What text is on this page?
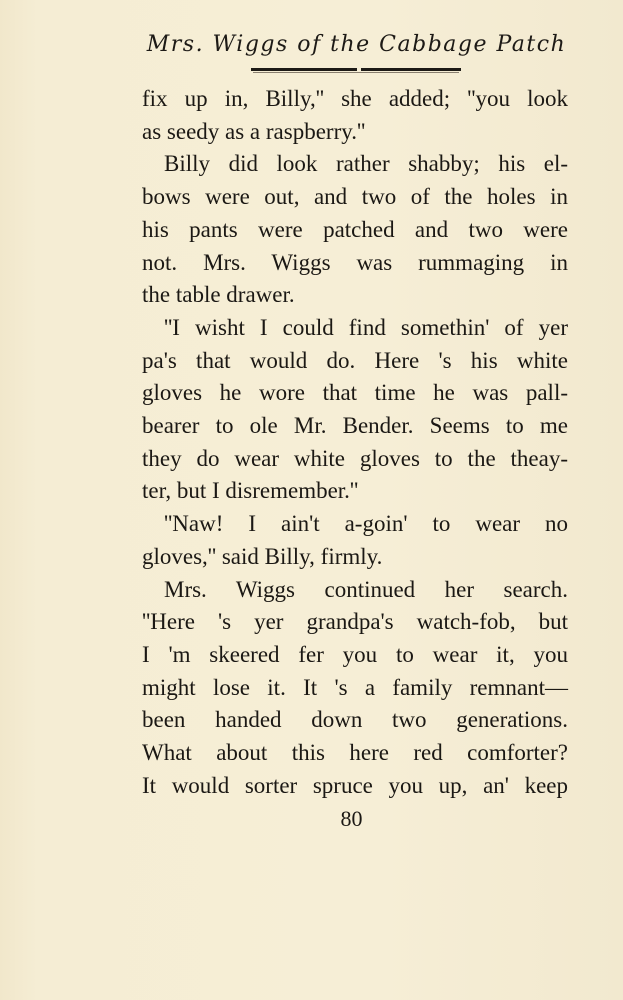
Mrs. Wiggs of the Cabbage Patch
fix up in, Billy,'' she added; ''you look
as seedy as a raspberry.''
Billy did look rather shabby; his el-
bows were out, and two of the holes in
his pants were patched and two were
not. Mrs. Wiggs was rummaging in
the table drawer.
''I wisht I could find somethin' of yer
pa's that would do. Here 's his white
gloves he wore that time he was pall-
bearer to ole Mr. Bender. Seems to me
they do wear white gloves to the theay-
ter, but I disremember.''
''Naw! I ain't a-goin' to wear no
gloves,'' said Billy, firmly.
Mrs. Wiggs continued her search.
''Here 's yer grandpa's watch-fob, but
I 'm skeered fer you to wear it, you
might lose it. It 's a family remnant—
been handed down two generations.
What about this here red comforter?
It would sorter spruce you up, an' keep
80
